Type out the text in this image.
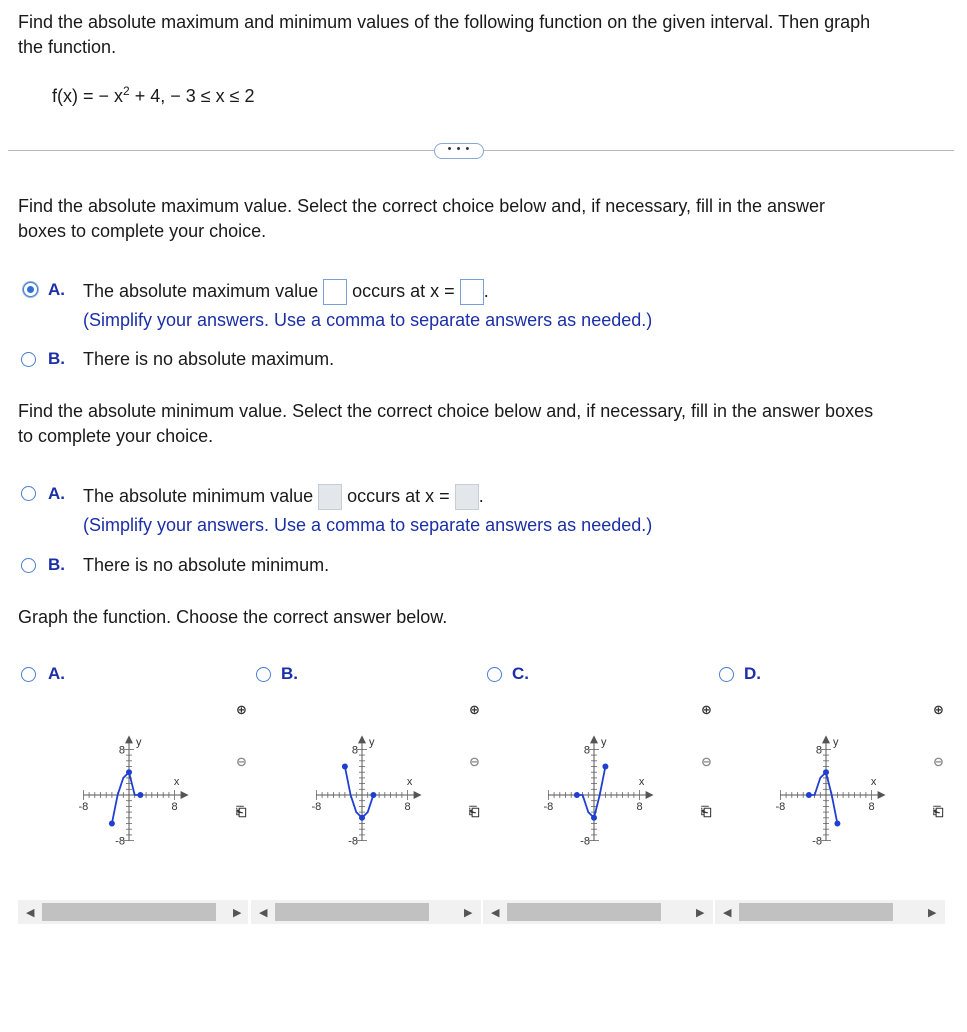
Find the absolute maximum and minimum values of the following function on the given interval. Then graph
the function.
f(x) = − $x^2 + 4$, − 3 ≤ x ≤ 2
• • •
Find the absolute maximum value. Select the correct choice below and, if necessary, fill in the answer
boxes to complete your choice.
A. The absolute maximum value occurs at x = .
(Simplify your answers. Use a comma to separate answers as needed.)
B. There is no absolute maximum.
Find the absolute minimum value. Select the correct choice below and, if necessary, fill in the answer boxes
to complete your choice.
A. The absolute minimum value occurs at x = .
(Simplify your answers. Use a comma to separate answers as needed.)
B. There is no absolute minimum.
Graph the function. Choose the correct answer below.
A.	B.	C.	D.
y
x
8
-8
-8	8
y
x
8
-8
-8	8
y
x
8
-8
-8	8
y
x
8
-8
-8	8
⊕
⊖
⎗
⊕
⊖
⎗
⊕
⊖
⎗
⊕
⊖
⎗
◀	▶ ◀	▶ ◀	▶ ◀	▶
